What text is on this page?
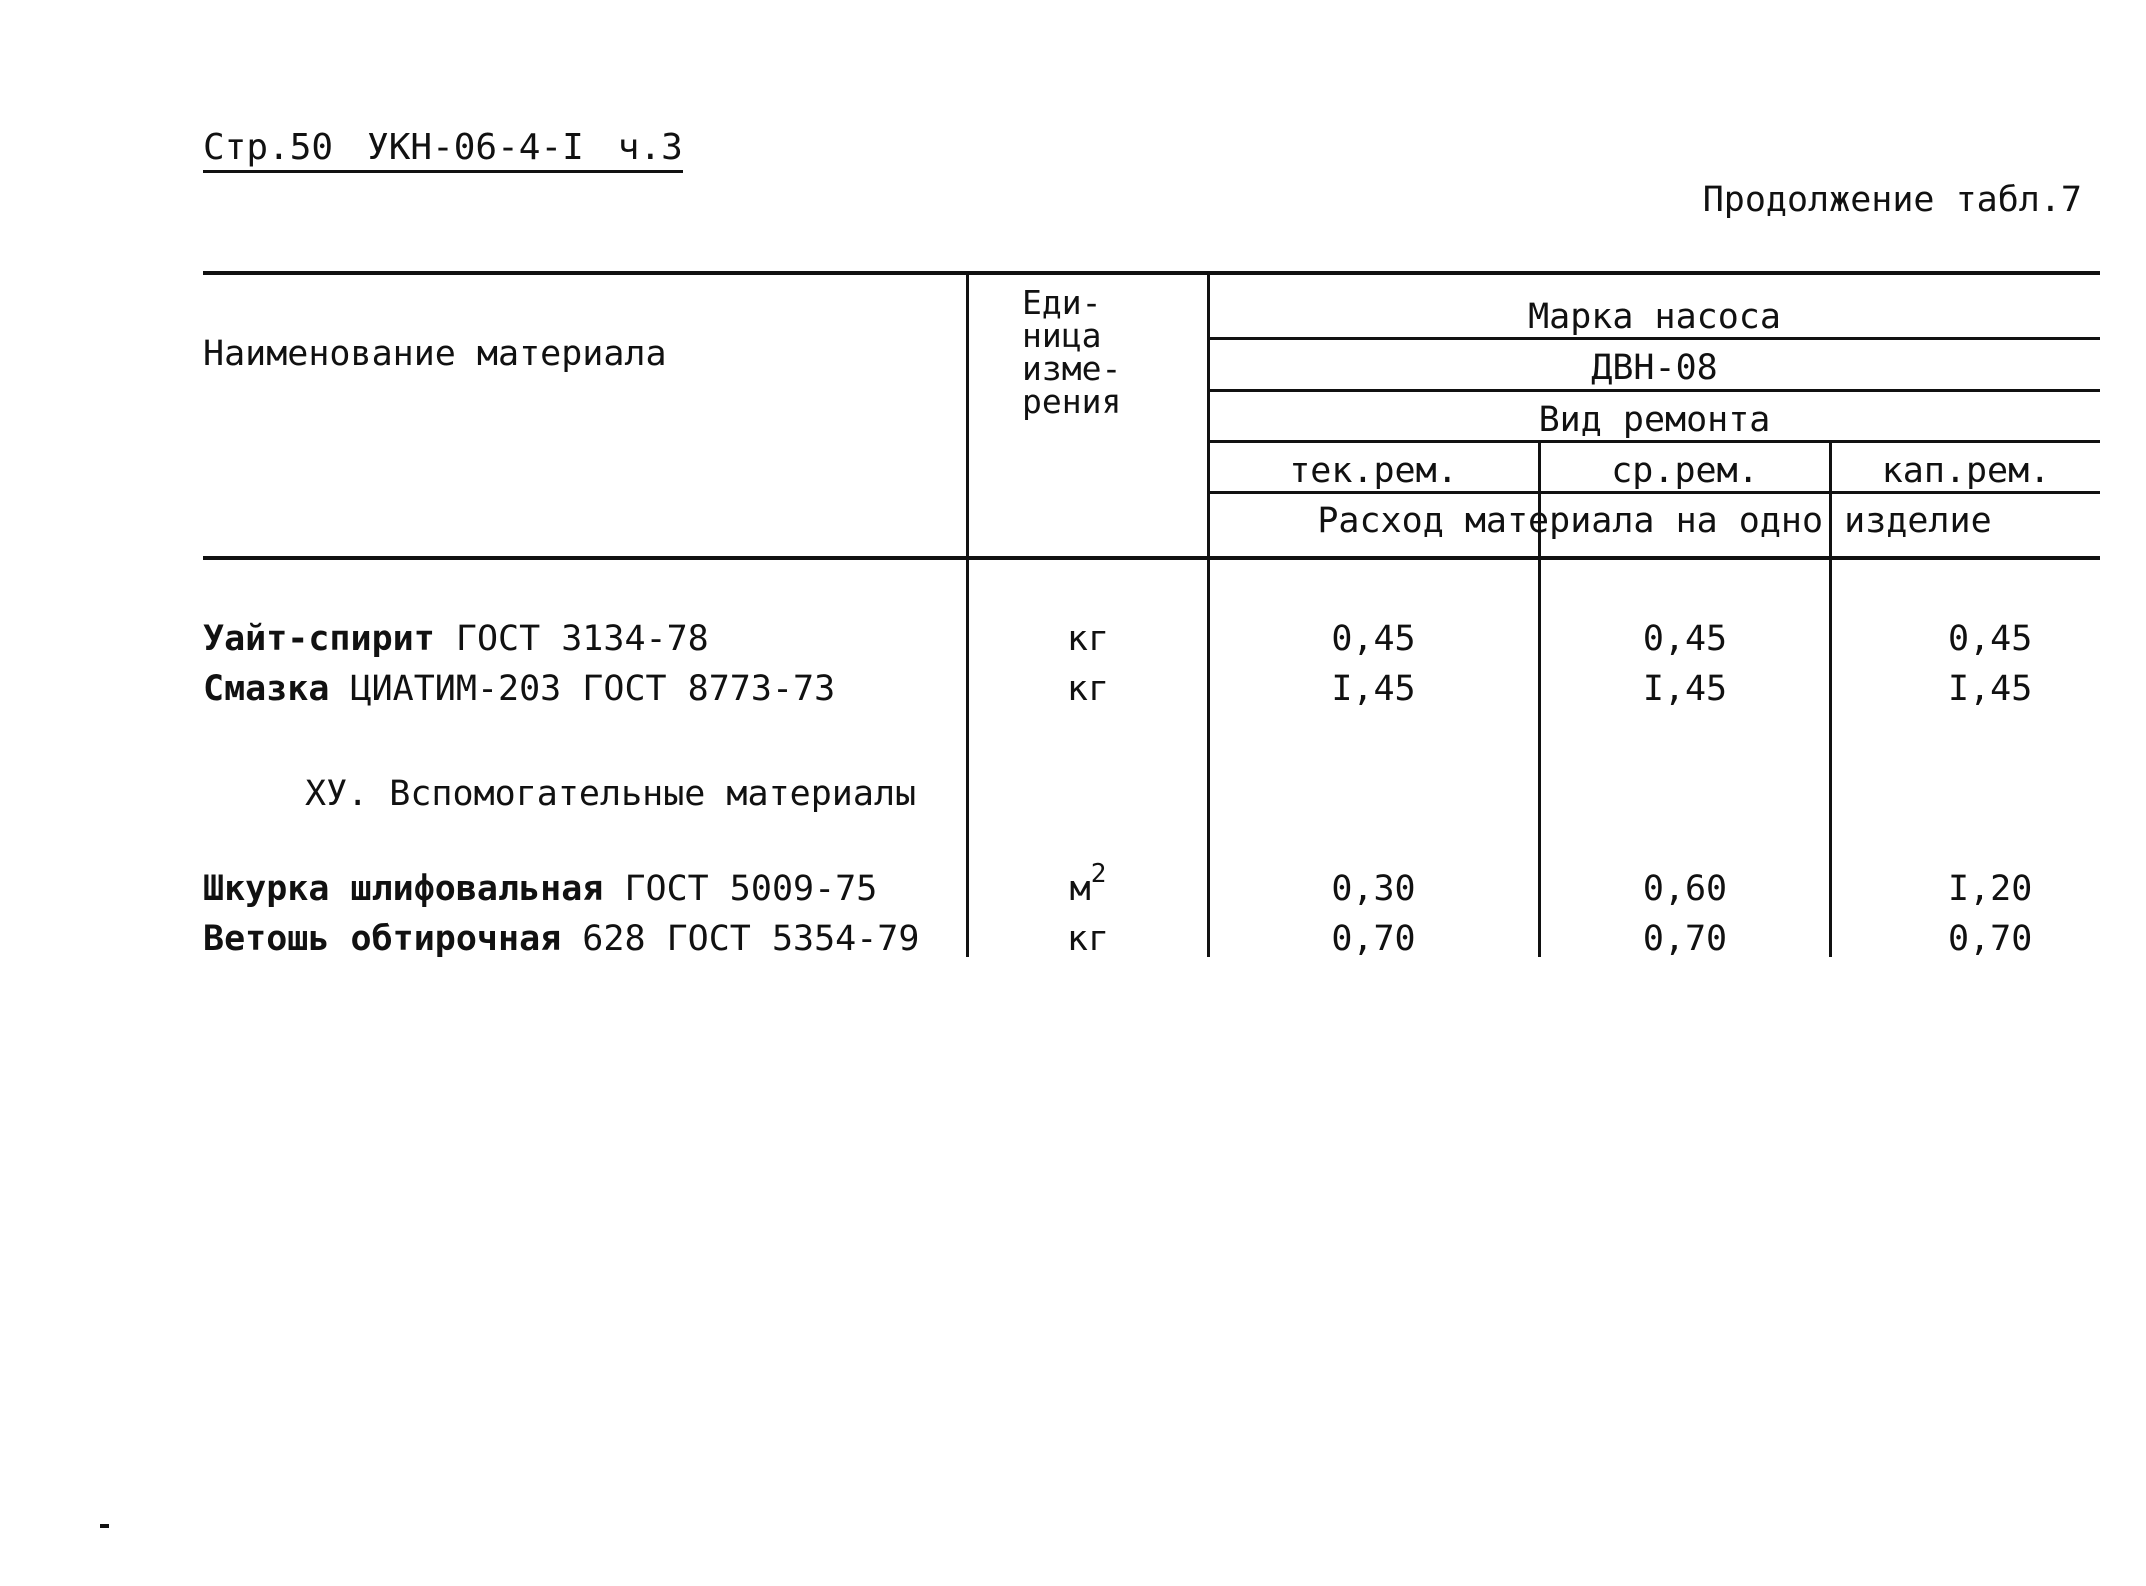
Стр.50 УКН-06-4-I ч.3
Продолжение табл.7
Наименование материала
Еди-
ница
изме-
рения
Марка насоса
ДВН-08
Вид ремонта
тек.рем.	ср.рем.	кап.рем.
Расход материала на одно изделие
Уайт-спирит ГОСТ 3134-78	кг	0,45	0,45	0,45
Смазка ЦИАТИМ-203 ГОСТ 8773-73	кг	I,45	I,45	I,45
ХУ. Вспомогательные материалы
Шкурка шлифовальная ГОСТ 5009-75	$м^2$	0,30	0,60	I,20
Ветошь обтирочная 628 ГОСТ 5354-79	кг	0,70	0,70	0,70
